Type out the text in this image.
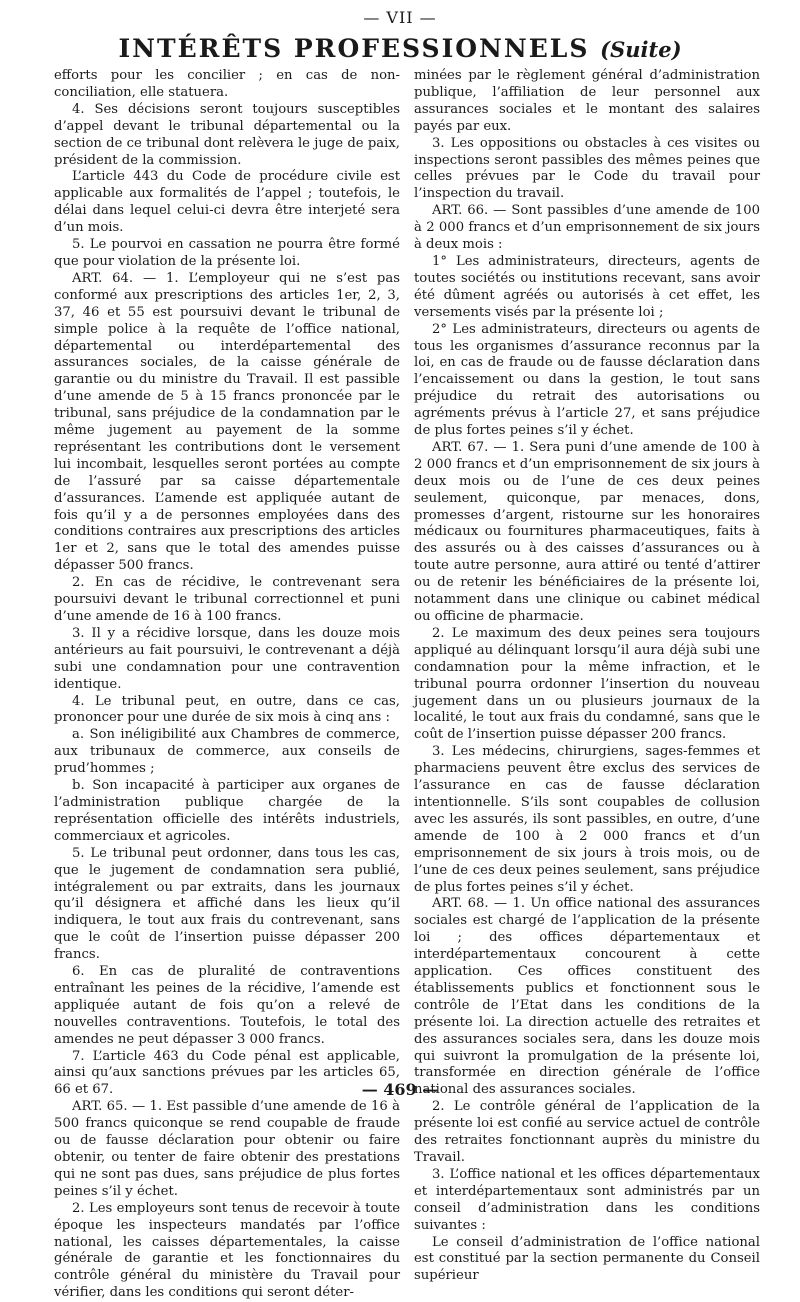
— VII —
INTÉRÊTS PROFESSIONNELS (Suite)

efforts pour les concilier ; en cas de non-conciliation, elle statuera.

4. Ses décisions seront toujours susceptibles d’appel devant le tribunal départemental ou la section de ce tribunal dont relèvera le juge de paix, président de la commission.

L’article 443 du Code de procédure civile est applicable aux formalités de l’appel ; toutefois, le délai dans lequel celui-ci devra être interjeté sera d’un mois.

5. Le pourvoi en cassation ne pourra être formé que pour violation de la présente loi.

ART. 64. — 1. L’employeur qui ne s’est pas conformé aux prescriptions des articles 1er, 2, 3, 37, 46 et 55 est poursuivi devant le tribunal de simple police à la requête de l’office national, départemental ou interdépartemental des assurances sociales, de la caisse générale de garantie ou du ministre du Travail. Il est passible d’une amende de 5 à 15 francs prononcée par le tribunal, sans préjudice de la condamnation par le même jugement au payement de la somme représentant les contributions dont le versement lui incombait, lesquelles seront portées au compte de l’assuré par sa caisse départementale d’assurances. L’amende est appliquée autant de fois qu’il y a de personnes employées dans des conditions contraires aux prescriptions des articles 1er et 2, sans que le total des amendes puisse dépasser 500 francs.

2. En cas de récidive, le contrevenant sera poursuivi devant le tribunal correctionnel et puni d’une amende de 16 à 100 francs.

3. Il y a récidive lorsque, dans les douze mois antérieurs au fait poursuivi, le contrevenant a déjà subi une condamnation pour une contravention identique.

4. Le tribunal peut, en outre, dans ce cas, prononcer pour une durée de six mois à cinq ans :

a. Son inéligibilité aux Chambres de commerce, aux tribunaux de commerce, aux conseils de prud’hommes ;

b. Son incapacité à participer aux organes de l’administration publique chargée de la représentation officielle des intérêts industriels, commerciaux et agricoles.

5. Le tribunal peut ordonner, dans tous les cas, que le jugement de condamnation sera publié, intégralement ou par extraits, dans les journaux qu’il désignera et affiché dans les lieux qu’il indiquera, le tout aux frais du contrevenant, sans que le coût de l’insertion puisse dépasser 200 francs.

6. En cas de pluralité de contraventions entraînant les peines de la récidive, l’amende est appliquée autant de fois qu’on a relevé de nouvelles contraventions. Toutefois, le total des amendes ne peut dépasser 3 000 francs.

7. L’article 463 du Code pénal est applicable, ainsi qu’aux sanctions prévues par les articles 65, 66 et 67.

ART. 65. — 1. Est passible d’une amende de 16 à 500 francs quiconque se rend coupable de fraude ou de fausse déclaration pour obtenir ou faire obtenir, ou tenter de faire obtenir des prestations qui ne sont pas dues, sans préjudice de plus fortes peines s’il y échet.

2. Les employeurs sont tenus de recevoir à toute époque les inspecteurs mandatés par l’office national, les caisses départementales, la caisse générale de garantie et les fonctionnaires du contrôle général du ministère du Travail pour vérifier, dans les conditions qui seront déter-

minées par le règlement général d’administration publique, l’affiliation de leur personnel aux assurances sociales et le montant des salaires payés par eux.

3. Les oppositions ou obstacles à ces visites ou inspections seront passibles des mêmes peines que celles prévues par le Code du travail pour l’inspection du travail.

ART. 66. — Sont passibles d’une amende de 100 à 2 000 francs et d’un emprisonnement de six jours à deux mois :

1° Les administrateurs, directeurs, agents de toutes sociétés ou institutions recevant, sans avoir été dûment agréés ou autorisés à cet effet, les versements visés par la présente loi ;

2° Les administrateurs, directeurs ou agents de tous les organismes d’assurance reconnus par la loi, en cas de fraude ou de fausse déclaration dans l’encaissement ou dans la gestion, le tout sans préjudice du retrait des autorisations ou agréments prévus à l’article 27, et sans préjudice de plus fortes peines s’il y échet.

ART. 67. — 1. Sera puni d’une amende de 100 à 2 000 francs et d’un emprisonnement de six jours à deux mois ou de l’une de ces deux peines seulement, quiconque, par menaces, dons, promesses d’argent, ristourne sur les honoraires médicaux ou fournitures pharmaceutiques, faits à des assurés ou à des caisses d’assurances ou à toute autre personne, aura attiré ou tenté d’attirer ou de retenir les bénéficiaires de la présente loi, notamment dans une clinique ou cabinet médical ou officine de pharmacie.

2. Le maximum des deux peines sera toujours appliqué au délinquant lorsqu’il aura déjà subi une condamnation pour la même infraction, et le tribunal pourra ordonner l’insertion du nouveau jugement dans un ou plusieurs journaux de la localité, le tout aux frais du condamné, sans que le coût de l’insertion puisse dépasser 200 francs.

3. Les médecins, chirurgiens, sages-femmes et pharmaciens peuvent être exclus des services de l’assurance en cas de fausse déclaration intentionnelle. S’ils sont coupables de collusion avec les assurés, ils sont passibles, en outre, d’une amende de 100 à 2 000 francs et d’un emprisonnement de six jours à trois mois, ou de l’une de ces deux peines seulement, sans préjudice de plus fortes peines s’il y échet.

ART. 68. — 1. Un office national des assurances sociales est chargé de l’application de la présente loi ; des offices départementaux et interdépartementaux concourent à cette application. Ces offices constituent des établissements publics et fonctionnent sous le contrôle de l’Etat dans les conditions de la présente loi. La direction actuelle des retraites et des assurances sociales sera, dans les douze mois qui suivront la promulgation de la présente loi, transformée en direction générale de l’office national des assurances sociales.

2. Le contrôle général de l’application de la présente loi est confié au service actuel de contrôle des retraites fonctionnant auprès du ministre du Travail.

3. L’office national et les offices départementaux et interdépartementaux sont administrés par un conseil d’administration dans les conditions suivantes :

Le conseil d’administration de l’office national est constitué par la section permanente du Conseil supérieur

— 469 —
